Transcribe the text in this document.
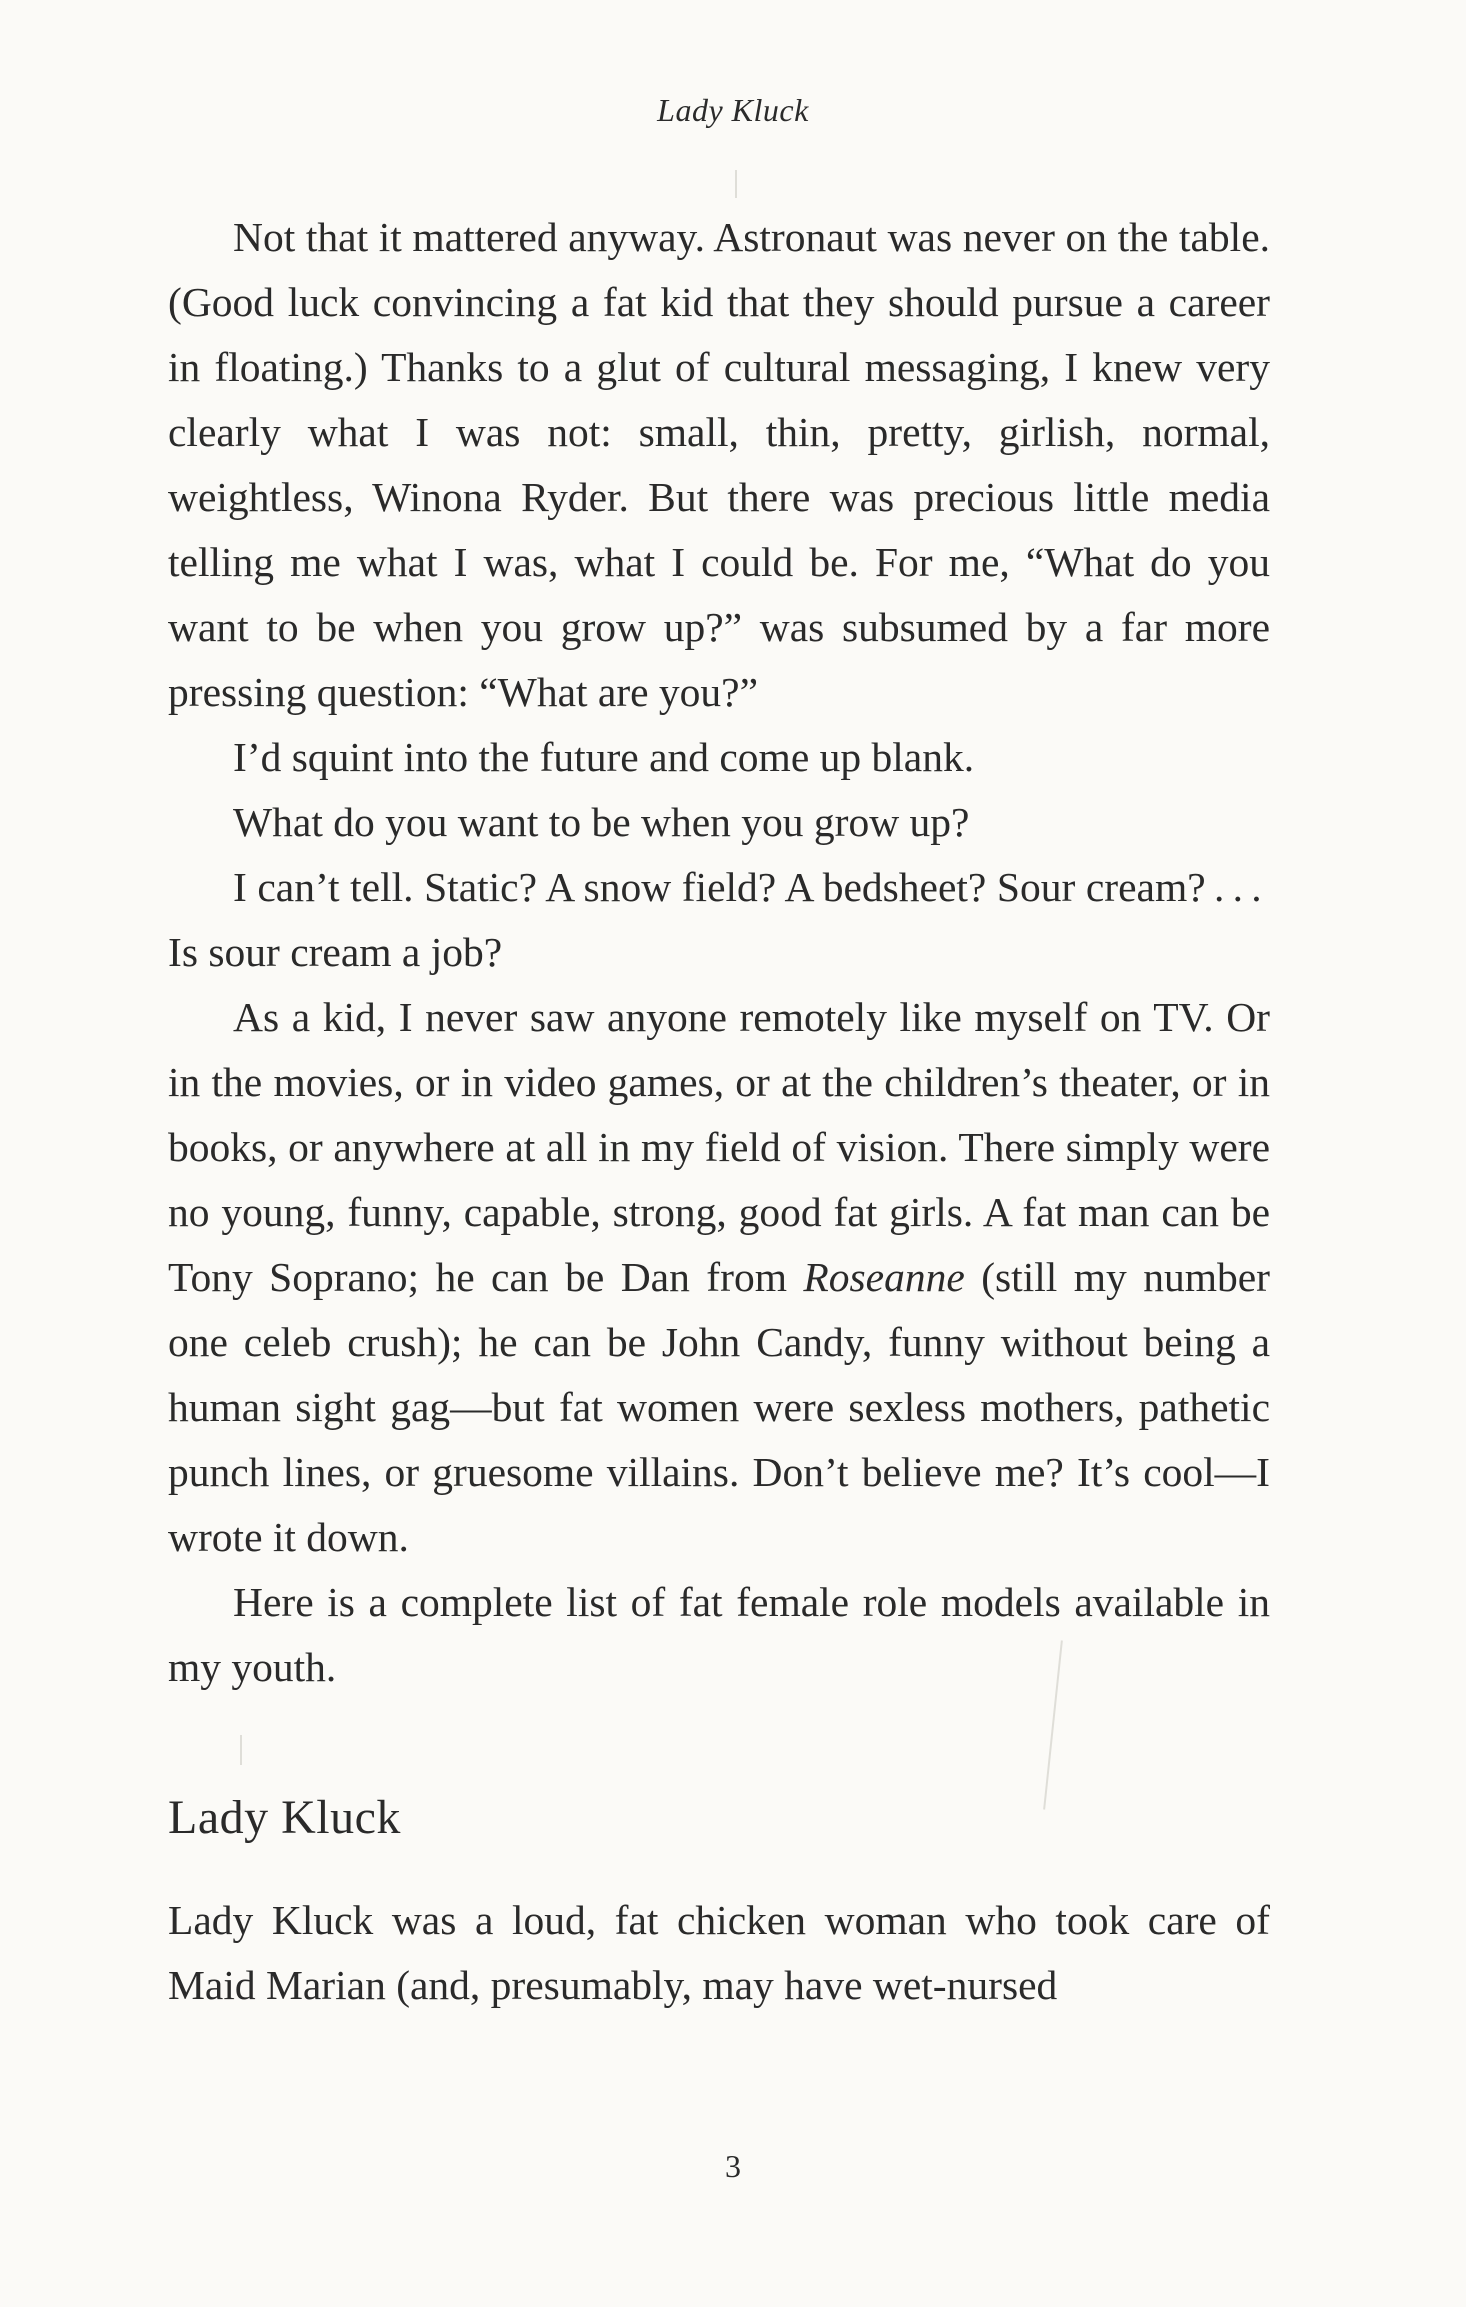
Lady Kluck

Not that it mattered anyway. Astronaut was never on the table. (Good luck convincing a fat kid that they should pursue a career in floating.) Thanks to a glut of cultural messaging, I knew very clearly what I was not: small, thin, pretty, girlish, normal, weightless, Winona Ryder. But there was precious little media telling me what I was, what I could be. For me, “What do you want to be when you grow up?” was subsumed by a far more pressing question: “What are you?”

I’d squint into the future and come up blank.

What do you want to be when you grow up?

I can’t tell. Static? A snow field? A bedsheet? Sour cream? . . . Is sour cream a job?

As a kid, I never saw anyone remotely like myself on TV. Or in the movies, or in video games, or at the children’s theater, or in books, or anywhere at all in my field of vision. There simply were no young, funny, capable, strong, good fat girls. A fat man can be Tony Soprano; he can be Dan from Roseanne (still my number one celeb crush); he can be John Candy, funny without being a human sight gag—but fat women were sexless mothers, pathetic punch lines, or gruesome villains. Don’t believe me? It’s cool—I wrote it down.

Here is a complete list of fat female role models available in my youth.

Lady Kluck

Lady Kluck was a loud, fat chicken woman who took care of Maid Marian (and, presumably, may have wet-nursed

3
